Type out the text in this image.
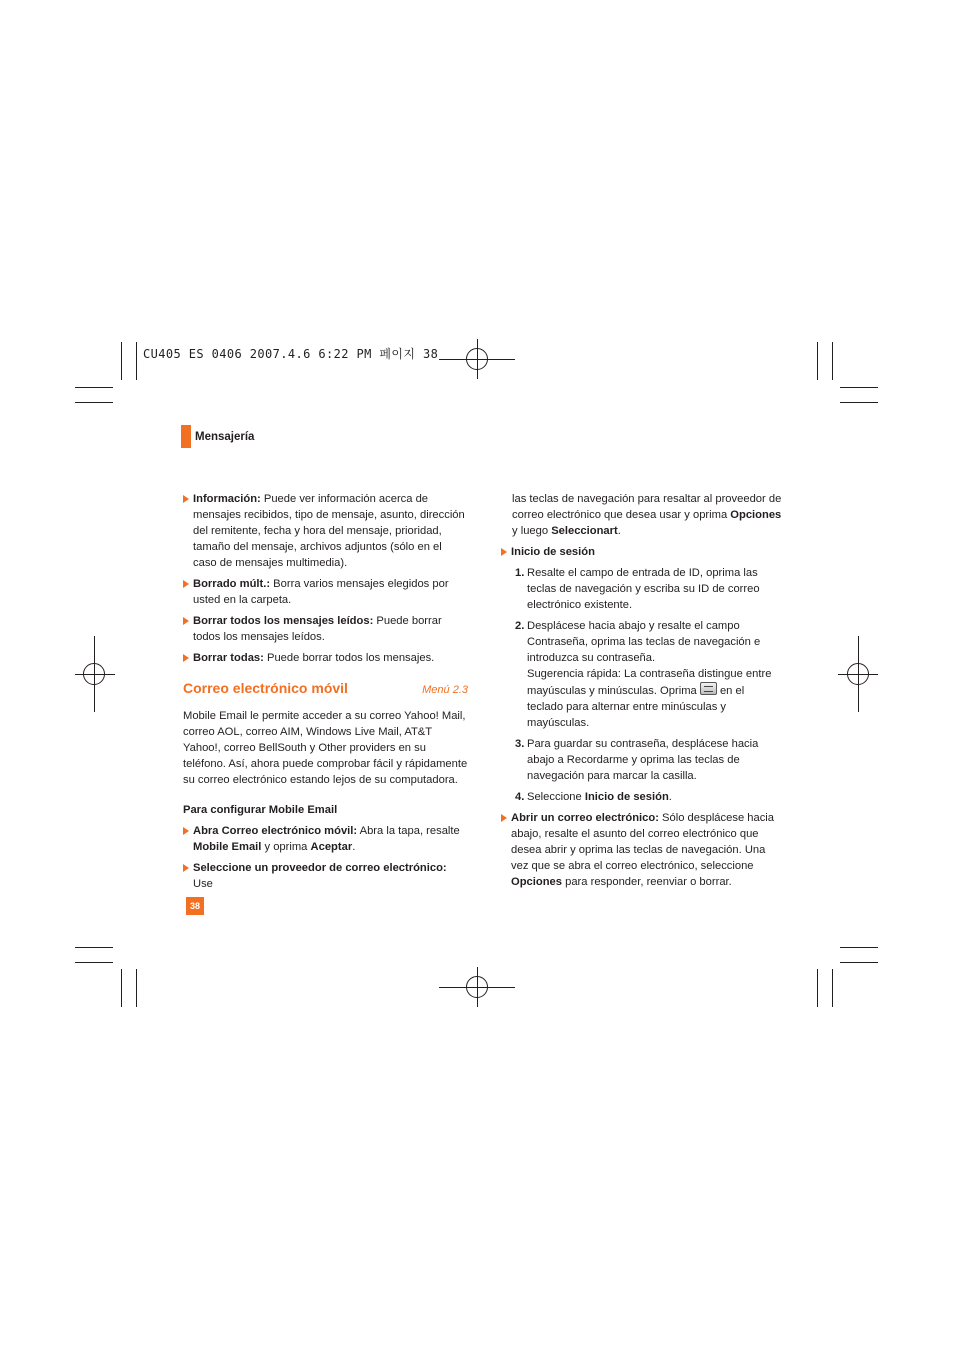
CU405 ES 0406 2007.4.6 6:22 PM 페이지 38
Mensajería
Información: Puede ver información acerca de mensajes recibidos, tipo de mensaje, asunto, dirección del remitente, fecha y hora del mensaje, prioridad, tamaño del mensaje, archivos adjuntos (sólo en el caso de mensajes multimedia).
Borrado múlt.: Borra varios mensajes elegidos por usted en la carpeta.
Borrar todos los mensajes leídos: Puede borrar todos los mensajes leídos.
Borrar todas: Puede borrar todos los mensajes.
Correo electrónico móvil	Menú 2.3
Mobile Email le permite acceder a su correo Yahoo! Mail, correo AOL, correo AIM, Windows Live Mail, AT&T Yahoo!, correo BellSouth y Other providers en su teléfono. Así, ahora puede comprobar fácil y rápidamente su correo electrónico estando lejos de su computadora.
Para configurar Mobile Email
Abra Correo electrónico móvil: Abra la tapa, resalte Mobile Email y oprima Aceptar.
Seleccione un proveedor de correo electrónico: Use
las teclas de navegación para resaltar al proveedor de correo electrónico que desea usar y oprima Opciones y luego Seleccionart.
Inicio de sesión
1. Resalte el campo de entrada de ID, oprima las teclas de navegación y escriba su ID de correo electrónico existente.
2. Desplácese hacia abajo y resalte el campo Contraseña, oprima las teclas de navegación e introduzca su contraseña.
Sugerencia rápida: La contraseña distingue entre mayúsculas y minúsculas. Oprima  en el teclado para alternar entre minúsculas y mayúsculas.
3. Para guardar su contraseña, desplácese hacia abajo a Recordarme y oprima las teclas de navegación para marcar la casilla.
4. Seleccione Inicio de sesión.
Abrir un correo electrónico: Sólo desplácese hacia abajo, resalte el asunto del correo electrónico que desea abrir y oprima las teclas de navegación. Una vez que se abra el correo electrónico, seleccione Opciones para responder, reenviar o borrar.
38
